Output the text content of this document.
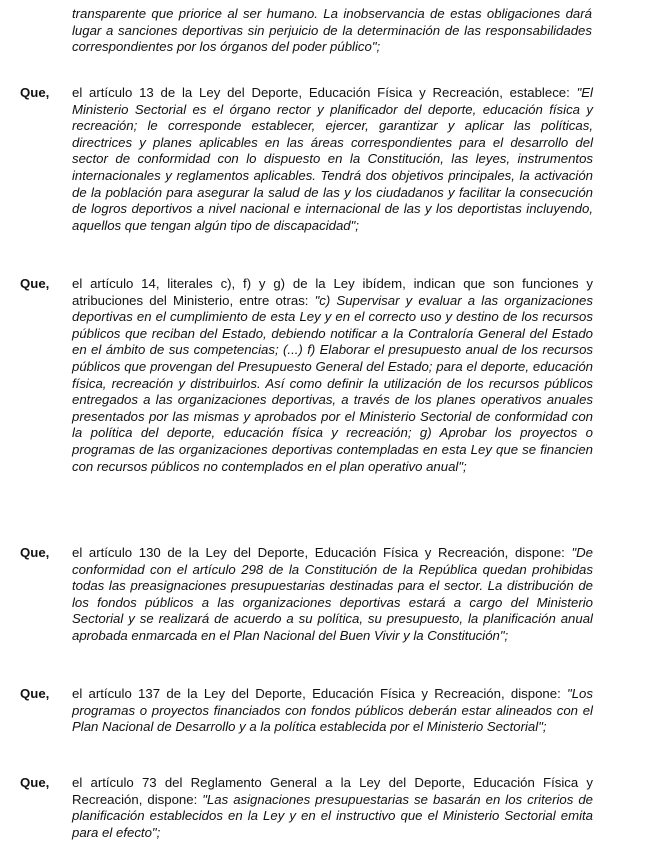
transparente que priorice al ser humano. La inobservancia de estas obligaciones dará lugar a sanciones deportivas sin perjuicio de la determinación de las responsabilidades correspondientes por los órganos del poder público";

Que, el artículo 13 de la Ley del Deporte, Educación Física y Recreación, establece: "El Ministerio Sectorial es el órgano rector y planificador del deporte, educación física y recreación; le corresponde establecer, ejercer, garantizar y aplicar las políticas, directrices y planes aplicables en las áreas correspondientes para el desarrollo del sector de conformidad con lo dispuesto en la Constitución, las leyes, instrumentos internacionales y reglamentos aplicables. Tendrá dos objetivos principales, la activación de la población para asegurar la salud de las y los ciudadanos y facilitar la consecución de logros deportivos a nivel nacional e internacional de las y los deportistas incluyendo, aquellos que tengan algún tipo de discapacidad";

Que, el artículo 14, literales c), f) y g) de la Ley ibídem, indican que son funciones y atribuciones del Ministerio, entre otras: "c) Supervisar y evaluar a las organizaciones deportivas en el cumplimiento de esta Ley y en el correcto uso y destino de los recursos públicos que reciban del Estado, debiendo notificar a la Contraloría General del Estado en el ámbito de sus competencias; (...) f) Elaborar el presupuesto anual de los recursos públicos que provengan del Presupuesto General del Estado; para el deporte, educación física, recreación y distribuirlos. Así como definir la utilización de los recursos públicos entregados a las organizaciones deportivas, a través de los planes operativos anuales presentados por las mismas y aprobados por el Ministerio Sectorial de conformidad con la política del deporte, educación física y recreación; g) Aprobar los proyectos o programas de las organizaciones deportivas contempladas en esta Ley que se financien con recursos públicos no contemplados en el plan operativo anual";

Que, el artículo 130 de la Ley del Deporte, Educación Física y Recreación, dispone: "De conformidad con el artículo 298 de la Constitución de la República quedan prohibidas todas las preasignaciones presupuestarias destinadas para el sector. La distribución de los fondos públicos a las organizaciones deportivas estará a cargo del Ministerio Sectorial y se realizará de acuerdo a su política, su presupuesto, la planificación anual aprobada enmarcada en el Plan Nacional del Buen Vivir y la Constitución";

Que, el artículo 137 de la Ley del Deporte, Educación Física y Recreación, dispone: "Los programas o proyectos financiados con fondos públicos deberán estar alineados con el Plan Nacional de Desarrollo y a la política establecida por el Ministerio Sectorial";

Que, el artículo 73 del Reglamento General a la Ley del Deporte, Educación Física y Recreación, dispone: "Las asignaciones presupuestarias se basarán en los criterios de planificación establecidos en la Ley y en el instructivo que el Ministerio Sectorial emita para el efecto";
